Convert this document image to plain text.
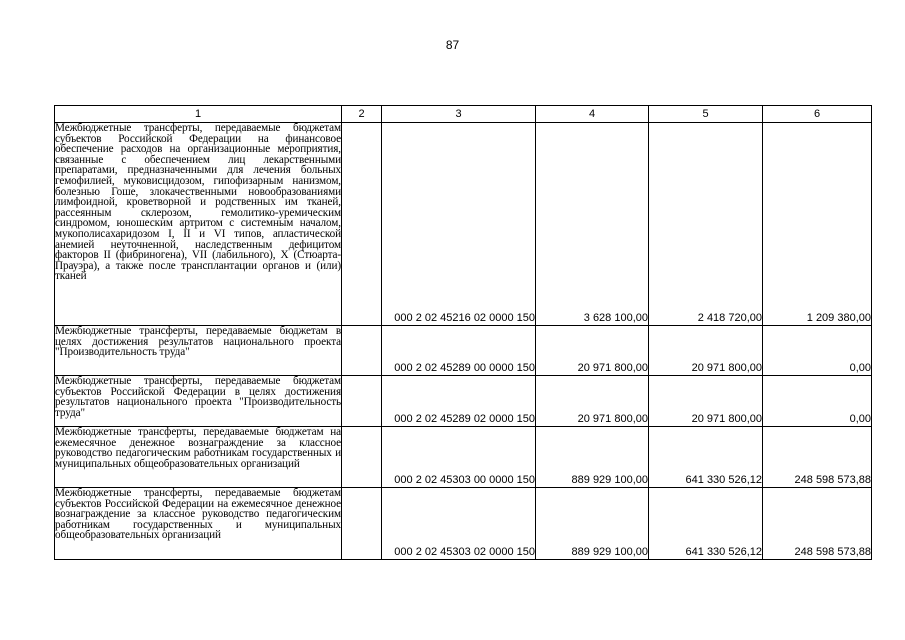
87
1	2	3	4	5	6
Межбюджетные трансферты, передаваемые бюджетам субъектов Российской Федерации на финансовое обеспечение расходов на организационные мероприятия, связанные с обеспечением лиц лекарственными препаратами, предназначенными для лечения больных гемофилией, муковисцидозом, гипофизарным нанизмом, болезнью Гоше, злокачественными новообразованиями лимфоидной, кроветворной и родственных им тканей, рассеянным склерозом, гемолитико-уремическим синдромом, юношеским артритом с системным началом, мукополисахаридозом I, II и VI типов, апластической анемией неуточненной, наследственным дефицитом факторов II (фибриногена), VII (лабильного), X (Стюарта-Прауэра), а также после трансплантации органов и (или) тканей		000 2 02 45216 02 0000 150	3 628 100,00	2 418 720,00	1 209 380,00
Межбюджетные трансферты, передаваемые бюджетам в целях достижения результатов национального проекта "Производительность труда"		000 2 02 45289 00 0000 150	20 971 800,00	20 971 800,00	0,00
Межбюджетные трансферты, передаваемые бюджетам субъектов Российской Федерации в целях достижения результатов национального проекта "Производительность труда"		000 2 02 45289 02 0000 150	20 971 800,00	20 971 800,00	0,00
Межбюджетные трансферты, передаваемые бюджетам на ежемесячное денежное вознаграждение за классное руководство педагогическим работникам государственных и муниципальных общеобразовательных организаций		000 2 02 45303 00 0000 150	889 929 100,00	641 330 526,12	248 598 573,88
Межбюджетные трансферты, передаваемые бюджетам субъектов Российской Федерации на ежемесячное денежное вознаграждение за классное руководство педагогическим работникам государственных и муниципальных общеобразовательных организаций		000 2 02 45303 02 0000 150	889 929 100,00	641 330 526,12	248 598 573,88
